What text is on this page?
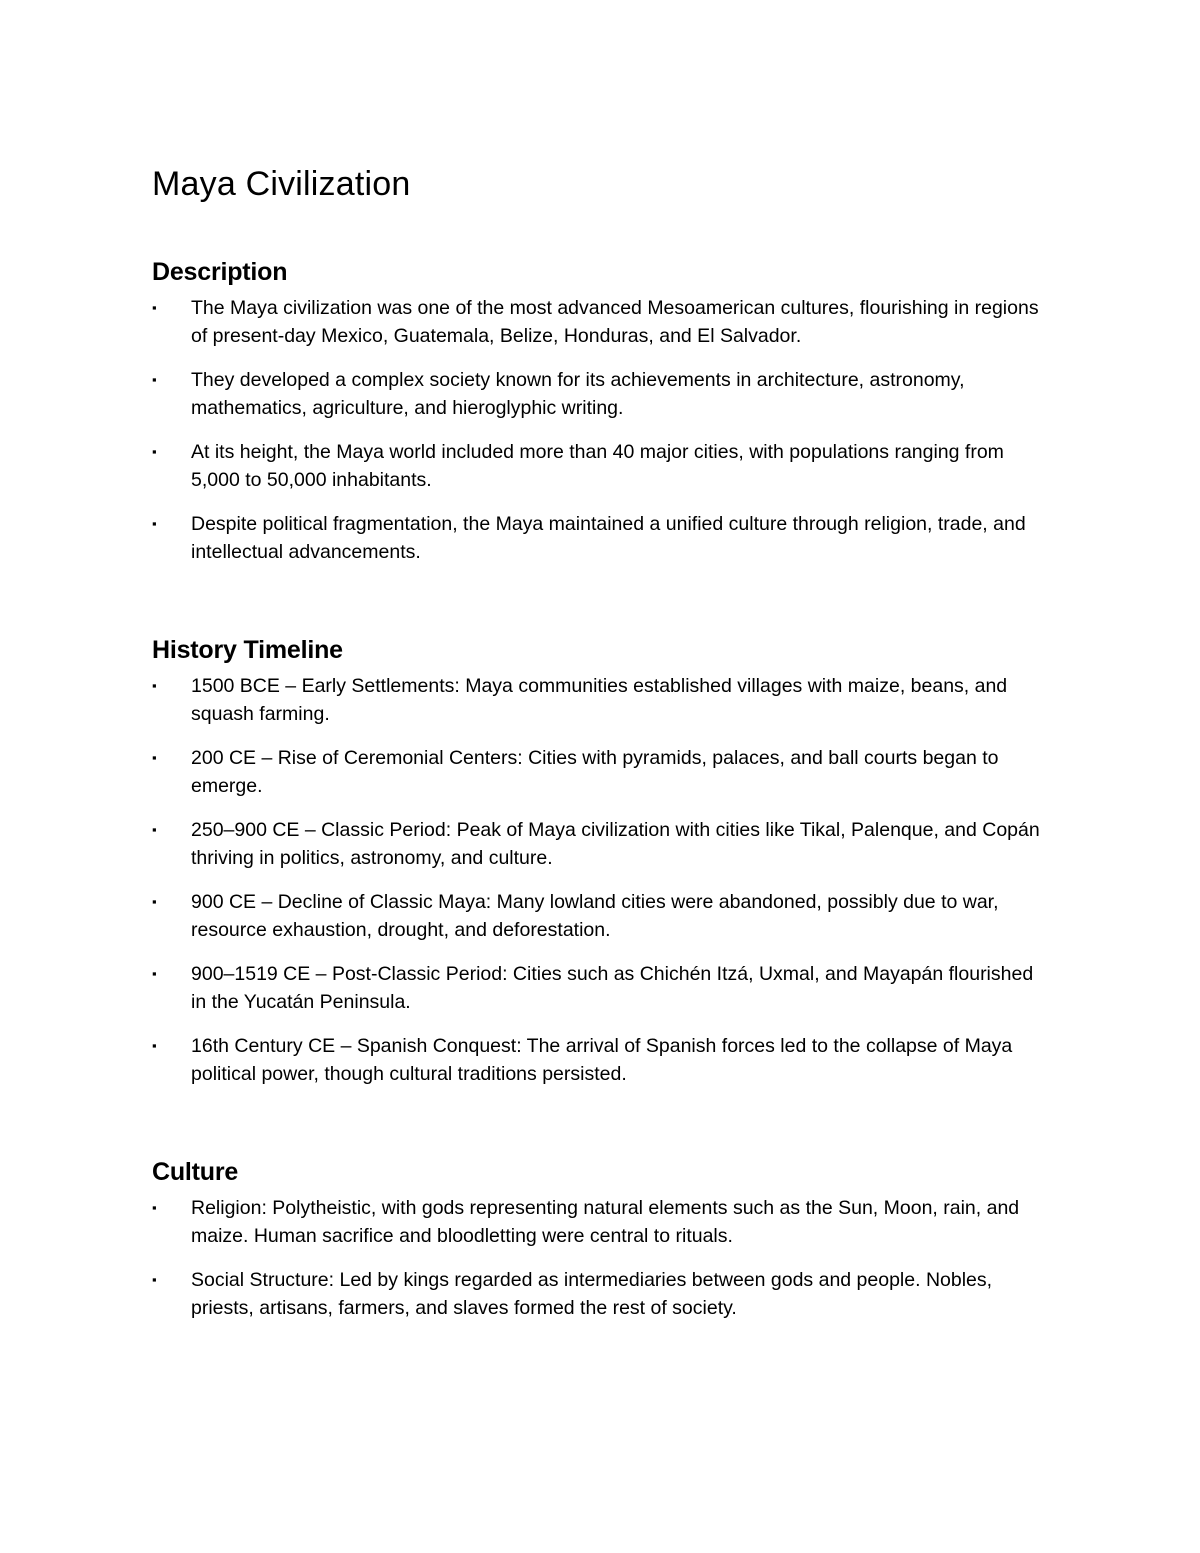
Maya Civilization
Description
▪ The Maya civilization was one of the most advanced Mesoamerican cultures, flourishing in regions of present-day Mexico, Guatemala, Belize, Honduras, and El Salvador.
▪ They developed a complex society known for its achievements in architecture, astronomy, mathematics, agriculture, and hieroglyphic writing.
▪ At its height, the Maya world included more than 40 major cities, with populations ranging from 5,000 to 50,000 inhabitants.
▪ Despite political fragmentation, the Maya maintained a unified culture through religion, trade, and intellectual advancements.
History Timeline
▪ 1500 BCE – Early Settlements: Maya communities established villages with maize, beans, and squash farming.
▪ 200 CE – Rise of Ceremonial Centers: Cities with pyramids, palaces, and ball courts began to emerge.
▪ 250–900 CE – Classic Period: Peak of Maya civilization with cities like Tikal, Palenque, and Copán thriving in politics, astronomy, and culture.
▪ 900 CE – Decline of Classic Maya: Many lowland cities were abandoned, possibly due to war, resource exhaustion, drought, and deforestation.
▪ 900–1519 CE – Post-Classic Period: Cities such as Chichén Itzá, Uxmal, and Mayapán flourished in the Yucatán Peninsula.
▪ 16th Century CE – Spanish Conquest: The arrival of Spanish forces led to the collapse of Maya political power, though cultural traditions persisted.
Culture
▪ Religion: Polytheistic, with gods representing natural elements such as the Sun, Moon, rain, and maize. Human sacrifice and bloodletting were central to rituals.
▪ Social Structure: Led by kings regarded as intermediaries between gods and people. Nobles, priests, artisans, farmers, and slaves formed the rest of society.
